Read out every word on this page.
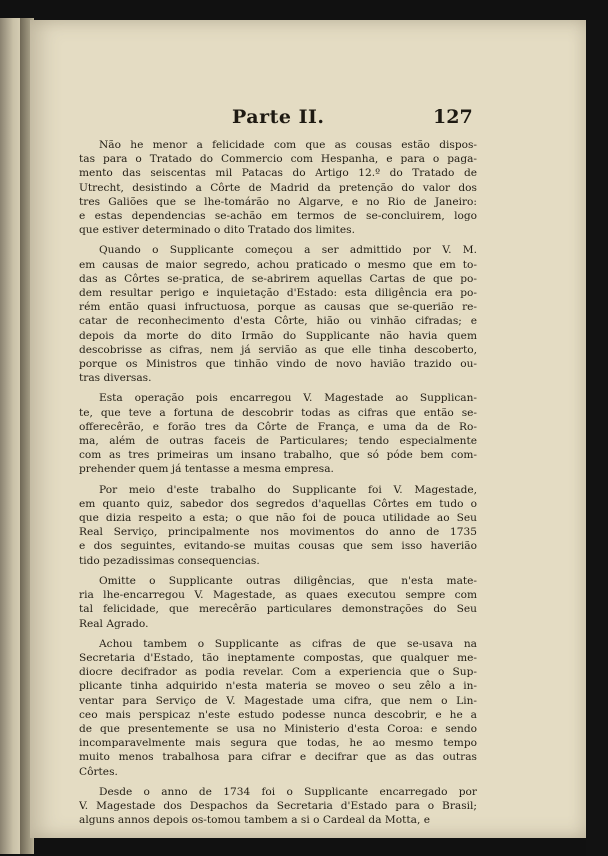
Parte II.	127
Não he menor a felicidade com que as cousas estão dispos-
tas para o Tratado do Commercio com Hespanha, e para o paga-
mento das seiscentas mil Patacas do Artigo 12.º do Tratado de
Utrecht, desistindo a Côrte de Madrid da pretenção do valor dos
tres Galiões que se lhe-tomárão no Algarve, e no Rio de Janeiro:
e estas dependencias se-achão em termos de se-concluirem, logo
que estiver determinado o dito Tratado dos limites.
Quando o Supplicante começou a ser admittido por V. M.
em causas de maior segredo, achou praticado o mesmo que em to-
das as Côrtes se-pratica, de se-abrirem aquellas Cartas de que po-
dem resultar perigo e inquietação d'Estado: esta diligência era po-
rém então quasi infructuosa, porque as causas que se-querião re-
catar de reconhecimento d'esta Côrte, hião ou vinhão cifradas; e
depois da morte do dito Irmão do Supplicante não havia quem
descobrisse as cifras, nem já servião as que elle tinha descoberto,
porque os Ministros que tinhão vindo de novo havião trazido ou-
tras diversas.
Esta operação pois encarregou V. Magestade ao Supplican-
te, que teve a fortuna de descobrir todas as cifras que então se-
offerecêrão, e forão tres da Côrte de França, e uma da de Ro-
ma, além de outras faceis de Particulares; tendo especialmente
com as tres primeiras um insano trabalho, que só póde bem com-
prehender quem já tentasse a mesma empresa.
Por meio d'este trabalho do Supplicante foi V. Magestade,
em quanto quiz, sabedor dos segredos d'aquellas Côrtes em tudo o
que dizia respeito a esta; o que não foi de pouca utilidade ao Seu
Real Serviço, principalmente nos movimentos do anno de 1735
e dos seguintes, evitando-se muitas cousas que sem isso haverião
tido pezadissimas consequencias.
Omitte o Supplicante outras diligências, que n'esta mate-
ria lhe-encarregou V. Magestade, as quaes executou sempre com
tal felicidade, que merecêrão particulares demonstrações do Seu
Real Agrado.
Achou tambem o Supplicante as cifras de que se-usava na
Secretaria d'Estado, tão ineptamente compostas, que qualquer me-
diocre decifrador as podia revelar. Com a experiencia que o Sup-
plicante tinha adquirido n'esta materia se moveo o seu zêlo a in-
ventar para Serviço de V. Magestade uma cifra, que nem o Lin-
ceo mais perspicaz n'este estudo podesse nunca descobrir, e he a
de que presentemente se usa no Ministerio d'esta Coroa: e sendo
incomparavelmente mais segura que todas, he ao mesmo tempo
muito menos trabalhosa para cifrar e decifrar que as das outras
Côrtes.
Desde o anno de 1734 foi o Supplicante encarregado por
V. Magestade dos Despachos da Secretaria d'Estado para o Brasil;
alguns annos depois os-tomou tambem a si o Cardeal da Motta, e
